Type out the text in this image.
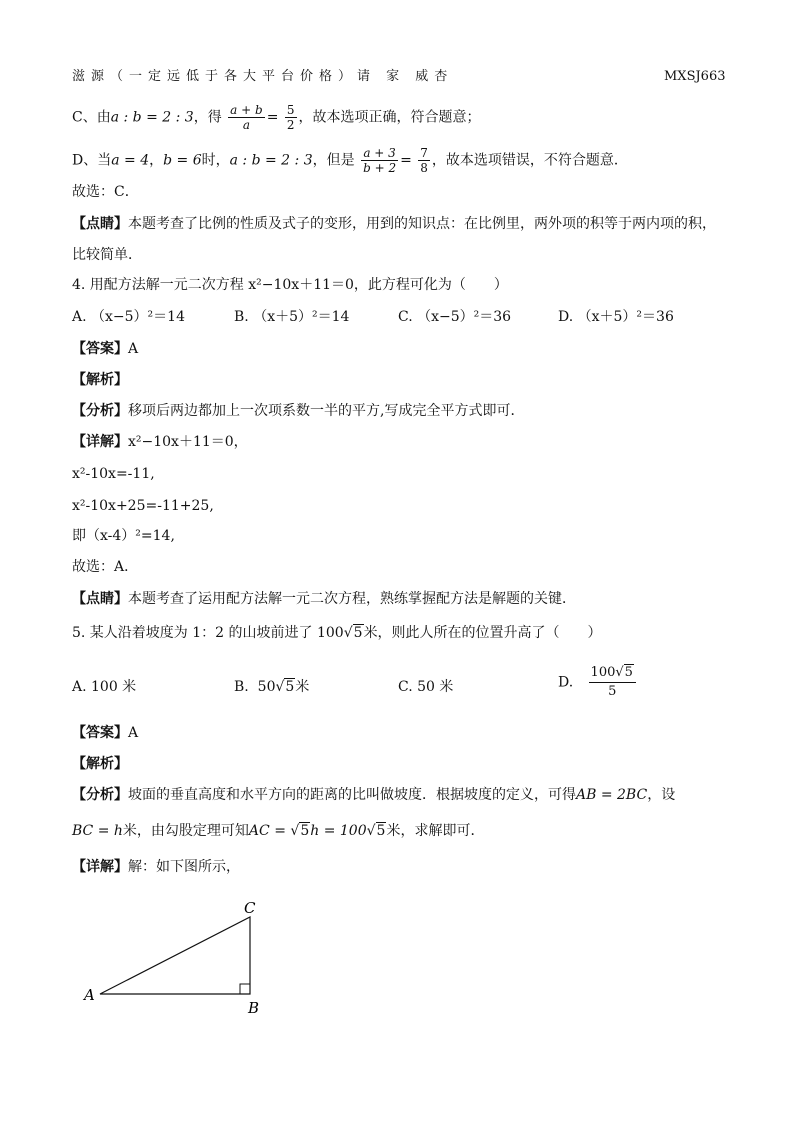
滋源（一定远低于各大平台价格）请 家 威杏	MXSJ663
C、由a : b = 2 : 3，得 $\frac{a + b}{a} = \frac{5}{2}$ ，故本选项正确，符合题意；
D、当a = 4，b = 6时，a : b = 2 : 3，但是 $\frac{a + 3}{b + 2} = \frac{7}{8}$ ，故本选项错误，不符合题意．
故选：C．
【点睛】本题考查了比例的性质及式子的变形，用到的知识点：在比例里，两外项的积等于两内项的积，
比较简单．
4. 用配方法解一元二次方程 x²−10x＋11＝0，此方程可化为（　　）
A. （x−5）²＝14	B. （x＋5）²＝14	C. （x−5）²＝36	D. （x＋5）²＝36
【答案】A
【解析】
【分析】移项后两边都加上一次项系数一半的平方,写成完全平方式即可．
【详解】x²−10x＋11＝0，
x²-10x=-11,
x²-10x+25=-11+25,
即（x-4）²=14,
故选：A．
【点睛】本题考查了运用配方法解一元二次方程，熟练掌握配方法是解题的关键．
5. 某人沿着坡度为 1：2 的山坡前进了 100√5米，则此人所在的位置升高了（　　）
A. 100 米	B. 50√5米	C. 50 米	D. $\frac{100√5}{5}$
【答案】A
【解析】
【分析】坡面的垂直高度和水平方向的距离的比叫做坡度．根据坡度的定义，可得AB = 2BC，设
BC = h米，由勾股定理可知AC = √5h = 100√5米，求解即可．
【详解】解：如下图所示，
A
B
C
